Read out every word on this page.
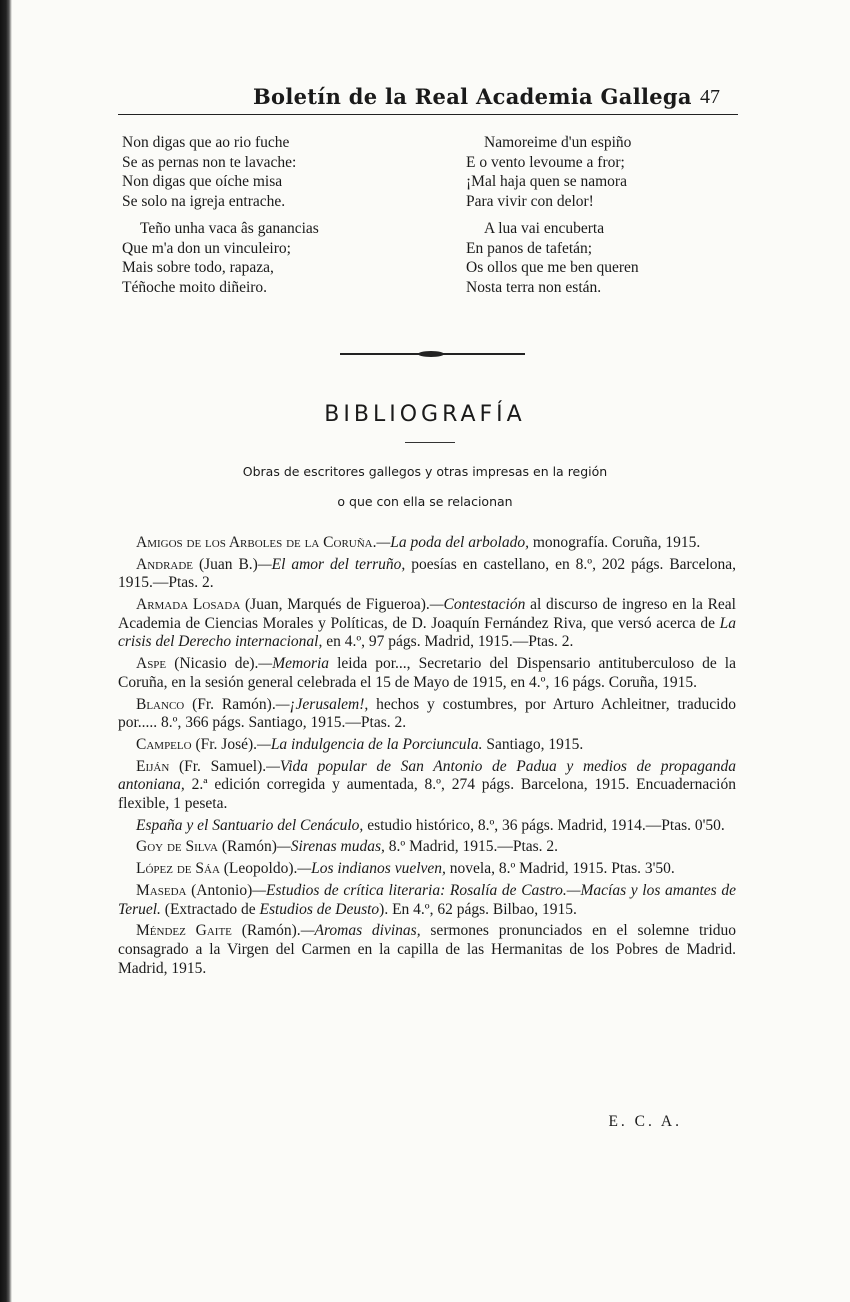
Boletín de la Real Academia Gallega 47
Non digas que ao rio fuche
Se as pernas non te lavache:
Non digas que oíche misa
Se solo na igreja entrache.
Teño unha vaca âs ganancias
Que m'a don un vinculeiro;
Mais sobre todo, rapaza,
Téñoche moito diñeiro.
Namoreime d'un espiño
E o vento levoume a fror;
¡Mal haja quen se namora
Para vivir con delor!
A lua vai encuberta
En panos de tafetán;
Os ollos que me ben queren
Nosta terra non están.
BIBLIOGRAFÍA
Obras de escritores gallegos y otras impresas en la región
o que con ella se relacionan

Amigos de los Arboles de la Coruña.—La poda del arbolado, monografía. Coruña, 1915.

Andrade (Juan B.)—El amor del terruño, poesías en castellano, en 8.º, 202 págs. Barcelona, 1915.—Ptas. 2.

Armada Losada (Juan, Marqués de Figueroa).—Contestación al discurso de ingreso en la Real Academia de Ciencias Morales y Políticas, de D. Joaquín Fernández Riva, que versó acerca de La crisis del Derecho internacional, en 4.º, 97 págs. Madrid, 1915.—Ptas. 2.

Aspe (Nicasio de).—Memoria leida por..., Secretario del Dispensario antituberculoso de la Coruña, en la sesión general celebrada el 15 de Mayo de 1915, en 4.º, 16 págs. Coruña, 1915.

Blanco (Fr. Ramón).—¡Jerusalem!, hechos y costumbres, por Arturo Achleitner, traducido por..... 8.º, 366 págs. Santiago, 1915.—Ptas. 2.

Campelo (Fr. José).—La indulgencia de la Porciuncula. Santiago, 1915.

Eiján (Fr. Samuel).—Vida popular de San Antonio de Padua y medios de propaganda antoniana, 2.ª edición corregida y aumentada, 8.º, 274 págs. Barcelona, 1915. Encuadernación flexible, 1 peseta.

España y el Santuario del Cenáculo, estudio histórico, 8.º, 36 págs. Madrid, 1914.—Ptas. 0'50.

Goy de Silva (Ramón)—Sirenas mudas, 8.º Madrid, 1915.—Ptas. 2.

López de Sáa (Leopoldo).—Los indianos vuelven, novela, 8.º Madrid, 1915. Ptas. 3'50.

Maseda (Antonio)—Estudios de crítica literaria: Rosalía de Castro.—Macías y los amantes de Teruel. (Extractado de Estudios de Deusto). En 4.º, 62 págs. Bilbao, 1915.

Méndez Gaite (Ramón).—Aromas divinas, sermones pronunciados en el solemne triduo consagrado a la Virgen del Carmen en la capilla de las Hermanitas de los Pobres de Madrid. Madrid, 1915.

E. C. A.
